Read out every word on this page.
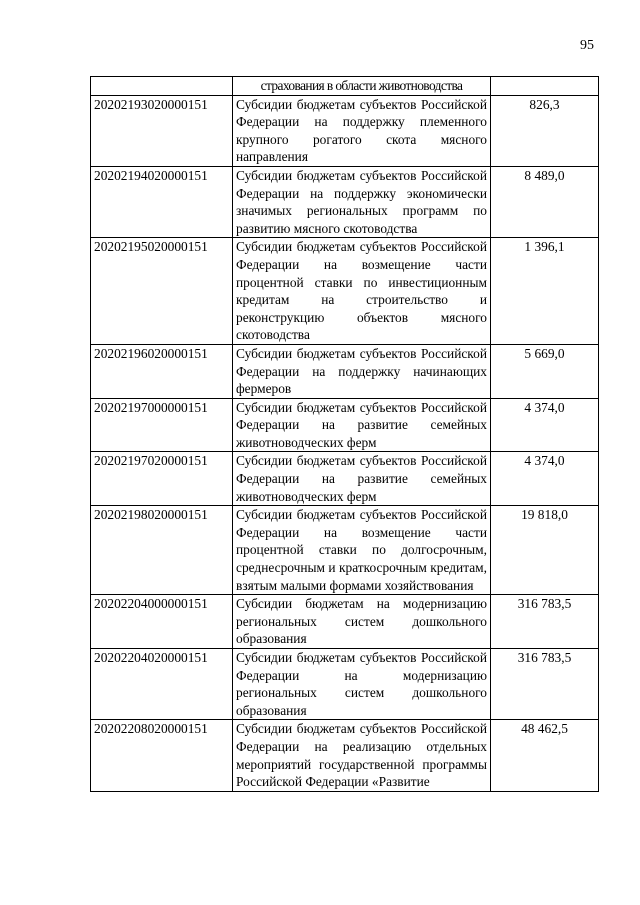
95
	страхования в области животноводства	
20202193020000151	Субсидии бюджетам субъектов Российской Федерации на поддержку племенного крупного рогатого скота мясного направления	826,3
20202194020000151	Субсидии бюджетам субъектов Российской Федерации на поддержку экономически значимых региональных программ по развитию мясного скотоводства	8 489,0
20202195020000151	Субсидии бюджетам субъектов Российской Федерации на возмещение части процентной ставки по инвестиционным кредитам на строительство и реконструкцию объектов мясного скотоводства	1 396,1
20202196020000151	Субсидии бюджетам субъектов Российской Федерации на поддержку начинающих фермеров	5 669,0
20202197000000151	Субсидии бюджетам субъектов Российской Федерации на развитие семейных животноводческих ферм	4 374,0
20202197020000151	Субсидии бюджетам субъектов Российской Федерации на развитие семейных животноводческих ферм	4 374,0
20202198020000151	Субсидии бюджетам субъектов Российской Федерации на возмещение части процентной ставки по долгосрочным, среднесрочным и краткосрочным кредитам, взятым малыми формами хозяйствования	19 818,0
20202204000000151	Субсидии бюджетам на модернизацию региональных систем дошкольного образования	316 783,5
20202204020000151	Субсидии бюджетам субъектов Российской Федерации на модернизацию региональных систем дошкольного образования	316 783,5
20202208020000151	Субсидии бюджетам субъектов Российской Федерации на реализацию отдельных мероприятий государственной программы Российской Федерации «Развитие	48 462,5
